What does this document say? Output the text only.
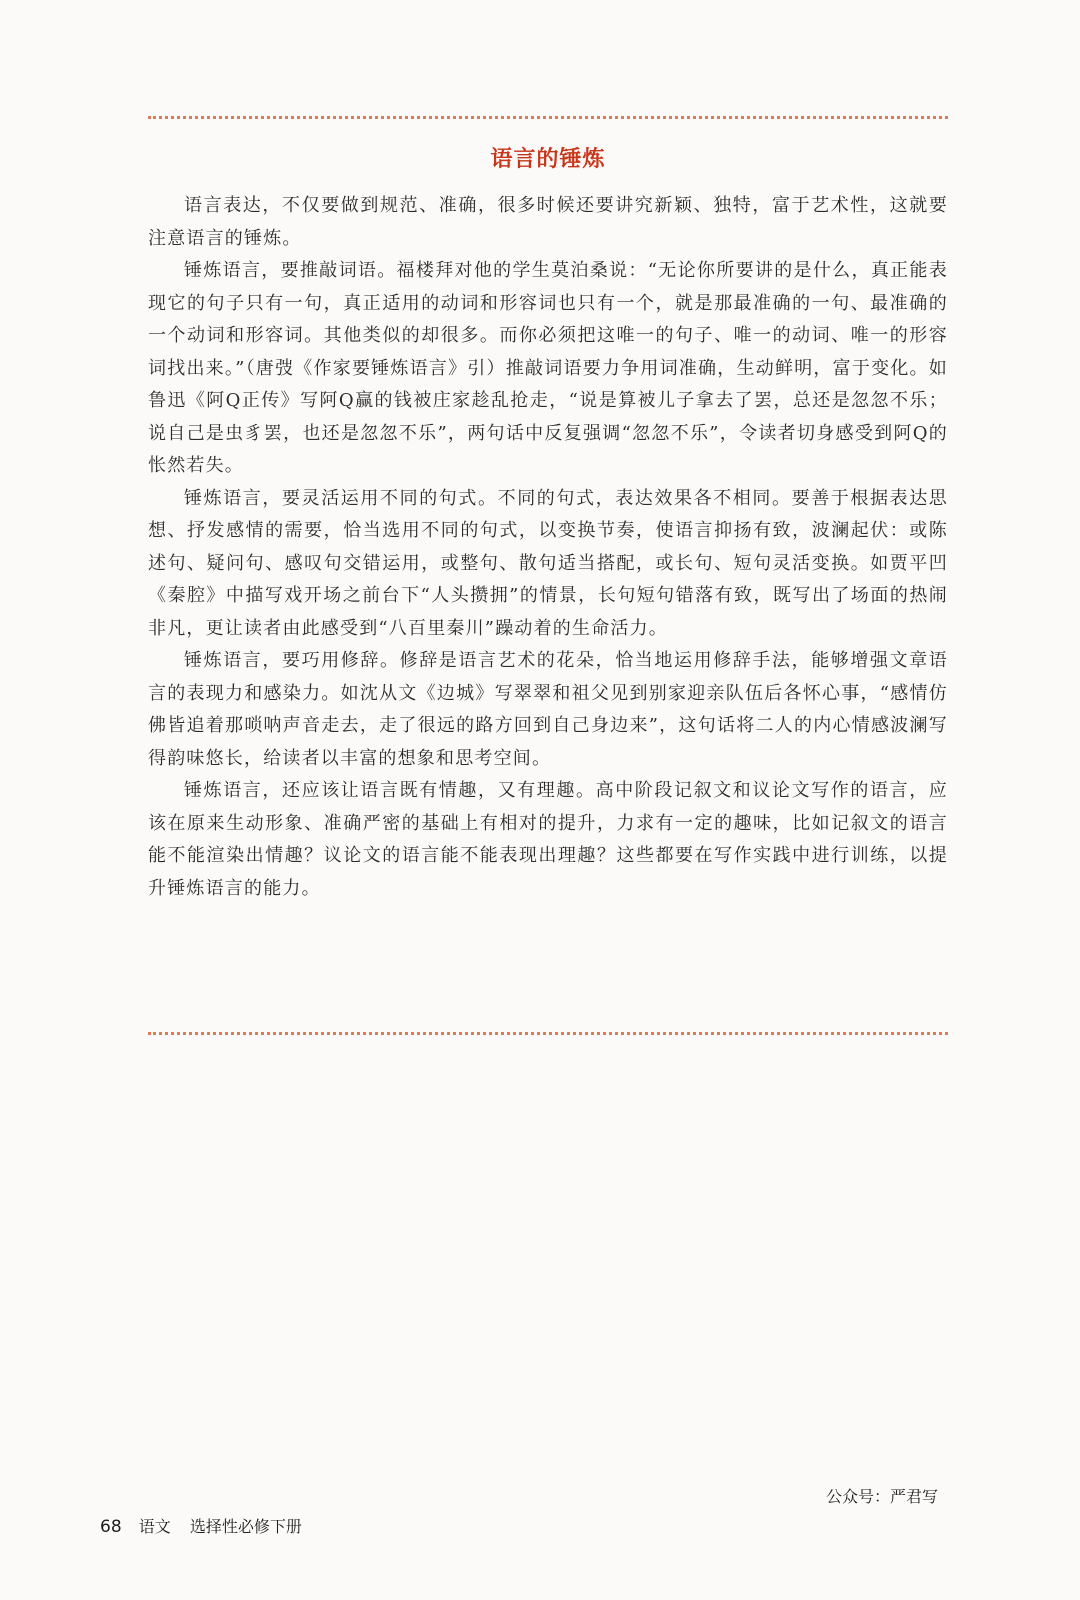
语言的锤炼

语言表达，不仅要做到规范、准确，很多时候还要讲究新颖、独特，富于艺术性，这就要注意语言的锤炼。

锤炼语言，要推敲词语。福楼拜对他的学生莫泊桑说：“无论你所要讲的是什么，真正能表现它的句子只有一句，真正适用的动词和形容词也只有一个，就是那最准确的一句、最准确的一个动词和形容词。其他类似的却很多。而你必须把这唯一的句子、唯一的动词、唯一的形容词找出来。”（唐弢《作家要锤炼语言》引）推敲词语要力争用词准确，生动鲜明，富于变化。如鲁迅《阿Q正传》写阿Q赢的钱被庄家趁乱抢走，“说是算被儿子拿去了罢，总还是忽忽不乐；说自己是虫豸罢，也还是忽忽不乐”，两句话中反复强调“忽忽不乐”，令读者切身感受到阿Q的怅然若失。

锤炼语言，要灵活运用不同的句式。不同的句式，表达效果各不相同。要善于根据表达思想、抒发感情的需要，恰当选用不同的句式，以变换节奏，使语言抑扬有致，波澜起伏：或陈述句、疑问句、感叹句交错运用，或整句、散句适当搭配，或长句、短句灵活变换。如贾平凹《秦腔》中描写戏开场之前台下“人头攒拥”的情景，长句短句错落有致，既写出了场面的热闹非凡，更让读者由此感受到“八百里秦川”躁动着的生命活力。

锤炼语言，要巧用修辞。修辞是语言艺术的花朵，恰当地运用修辞手法，能够增强文章语言的表现力和感染力。如沈从文《边城》写翠翠和祖父见到别家迎亲队伍后各怀心事，“感情仿佛皆追着那唢呐声音走去，走了很远的路方回到自己身边来”，这句话将二人的内心情感波澜写得韵味悠长，给读者以丰富的想象和思考空间。

锤炼语言，还应该让语言既有情趣，又有理趣。高中阶段记叙文和议论文写作的语言，应该在原来生动形象、准确严密的基础上有相对的提升，力求有一定的趣味，比如记叙文的语言能不能渲染出情趣？议论文的语言能不能表现出理趣？这些都要在写作实践中进行训练，以提升锤炼语言的能力。

公众号：严君写
68 语文 选择性必修下册
